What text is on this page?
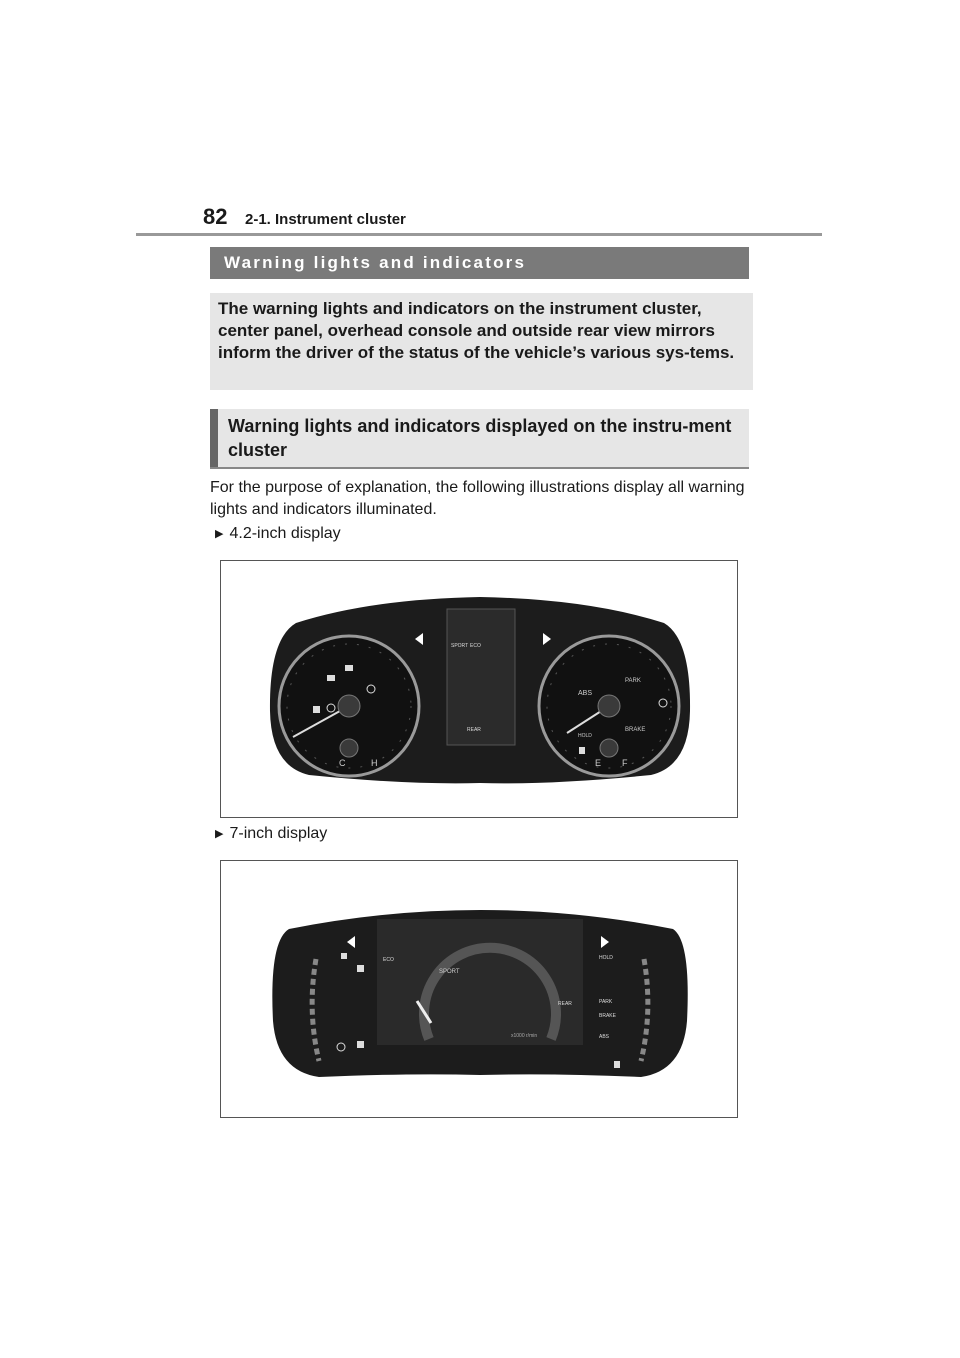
82 2-1. Instrument cluster
Warning lights and indicators

The warning lights and indicators on the instrument cluster, center panel, overhead console and outside rear view mirrors inform the driver of the status of the vehicle’s various sys-tems.

Warning lights and indicators displayed on the instru-ment cluster

For the purpose of explanation, the following illustrations display all warning lights and indicators illuminated.

▶ 4.2-inch display
C	H
SPORT ECO
REAR
ABS
PARK
BRAKE
HOLD
E F
▶ 7-inch display
SPORT
ECO
x1000 r/min
REAR
HOLD
PARK
BRAKE
ABS
